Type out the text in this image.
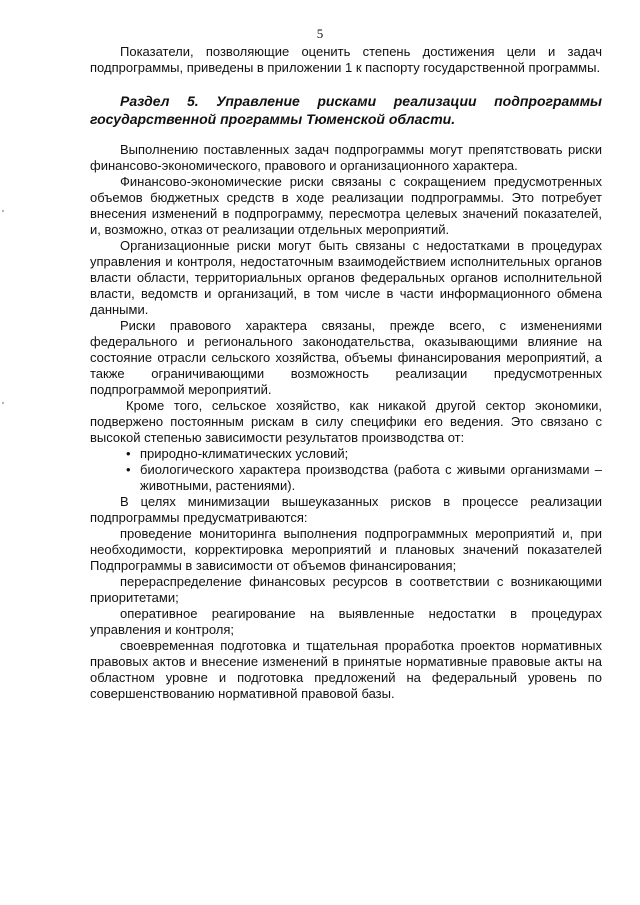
5

Показатели, позволяющие оценить степень достижения цели и задач подпрограммы, приведены в приложении 1 к паспорту государственной программы.

Раздел 5. Управление рисками реализации подпрограммы государственной программы Тюменской области.

Выполнению поставленных задач подпрограммы могут препятствовать риски финансово-экономического, правового и организационного характера.

Финансово-экономические риски связаны с сокращением предусмотренных объемов бюджетных средств в ходе реализации подпрограммы. Это потребует внесения изменений в подпрограмму, пересмотра целевых значений показателей, и, возможно, отказ от реализации отдельных мероприятий.

Организационные риски могут быть связаны с недостатками в процедурах управления и контроля, недостаточным взаимодействием исполнительных органов власти области, территориальных органов федеральных органов исполнительной власти, ведомств и организаций, в том числе в части информационного обмена данными.

Риски правового характера связаны, прежде всего, с изменениями федерального и регионального законодательства, оказывающими влияние на состояние отрасли сельского хозяйства, объемы финансирования мероприятий, а также ограничивающими возможность реализации предусмотренных подпрограммой мероприятий.

Кроме того, сельское хозяйство, как никакой другой сектор экономики, подвержено постоянным рискам в силу специфики его ведения. Это связано с высокой степенью зависимости результатов производства от:

• природно-климатических условий;

• биологического характера производства (работа с живыми организмами – животными, растениями).

В целях минимизации вышеуказанных рисков в процессе реализации подпрограммы предусматриваются:

проведение мониторинга выполнения подпрограммных мероприятий и, при необходимости, корректировка мероприятий и плановых значений показателей Подпрограммы в зависимости от объемов финансирования;

перераспределение финансовых ресурсов в соответствии с возникающими приоритетами;

оперативное реагирование на выявленные недостатки в процедурах управления и контроля;

своевременная подготовка и тщательная проработка проектов нормативных правовых актов и внесение изменений в принятые нормативные правовые акты на областном уровне и подготовка предложений на федеральный уровень по совершенствованию нормативной правовой базы.
